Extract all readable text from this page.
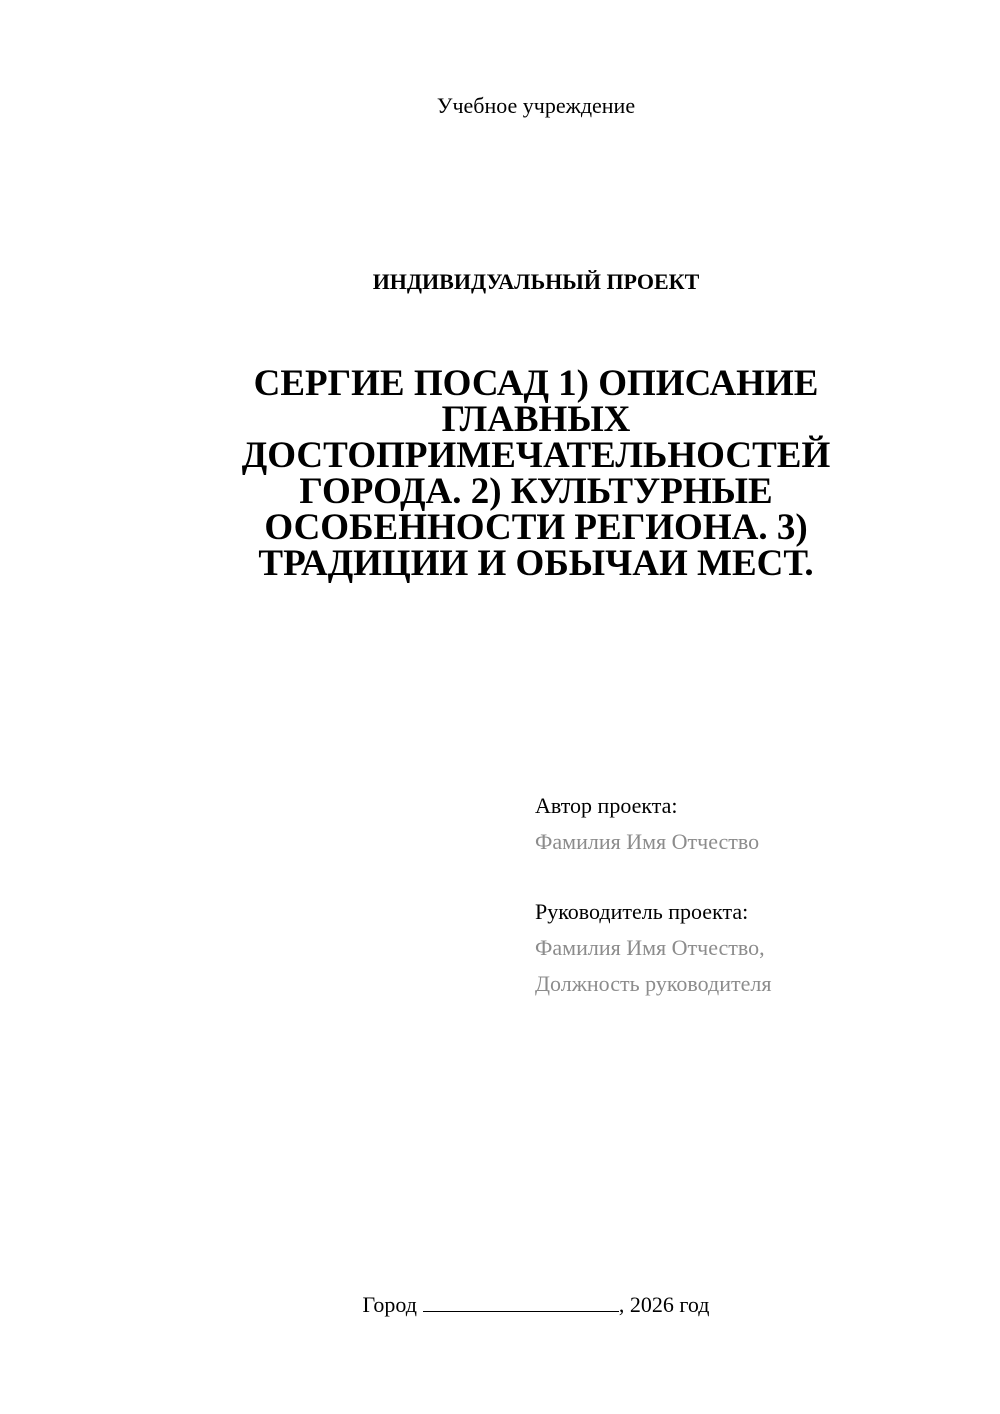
Учебное учреждение
ИНДИВИДУАЛЬНЫЙ ПРОЕКТ
СЕРГИЕ ПОСАД 1) ОПИСАНИЕ
ГЛАВНЫХ
ДОСТОПРИМЕЧАТЕЛЬНОСТЕЙ
ГОРОДА. 2) КУЛЬТУРНЫЕ
ОСОБЕННОСТИ РЕГИОНА. 3)
ТРАДИЦИИ И ОБЫЧАИ МЕСТ.
Автор проекта:
Фамилия Имя Отчество
Руководитель проекта:
Фамилия Имя Отчество,
Должность руководителя
Город	, 2026 год
